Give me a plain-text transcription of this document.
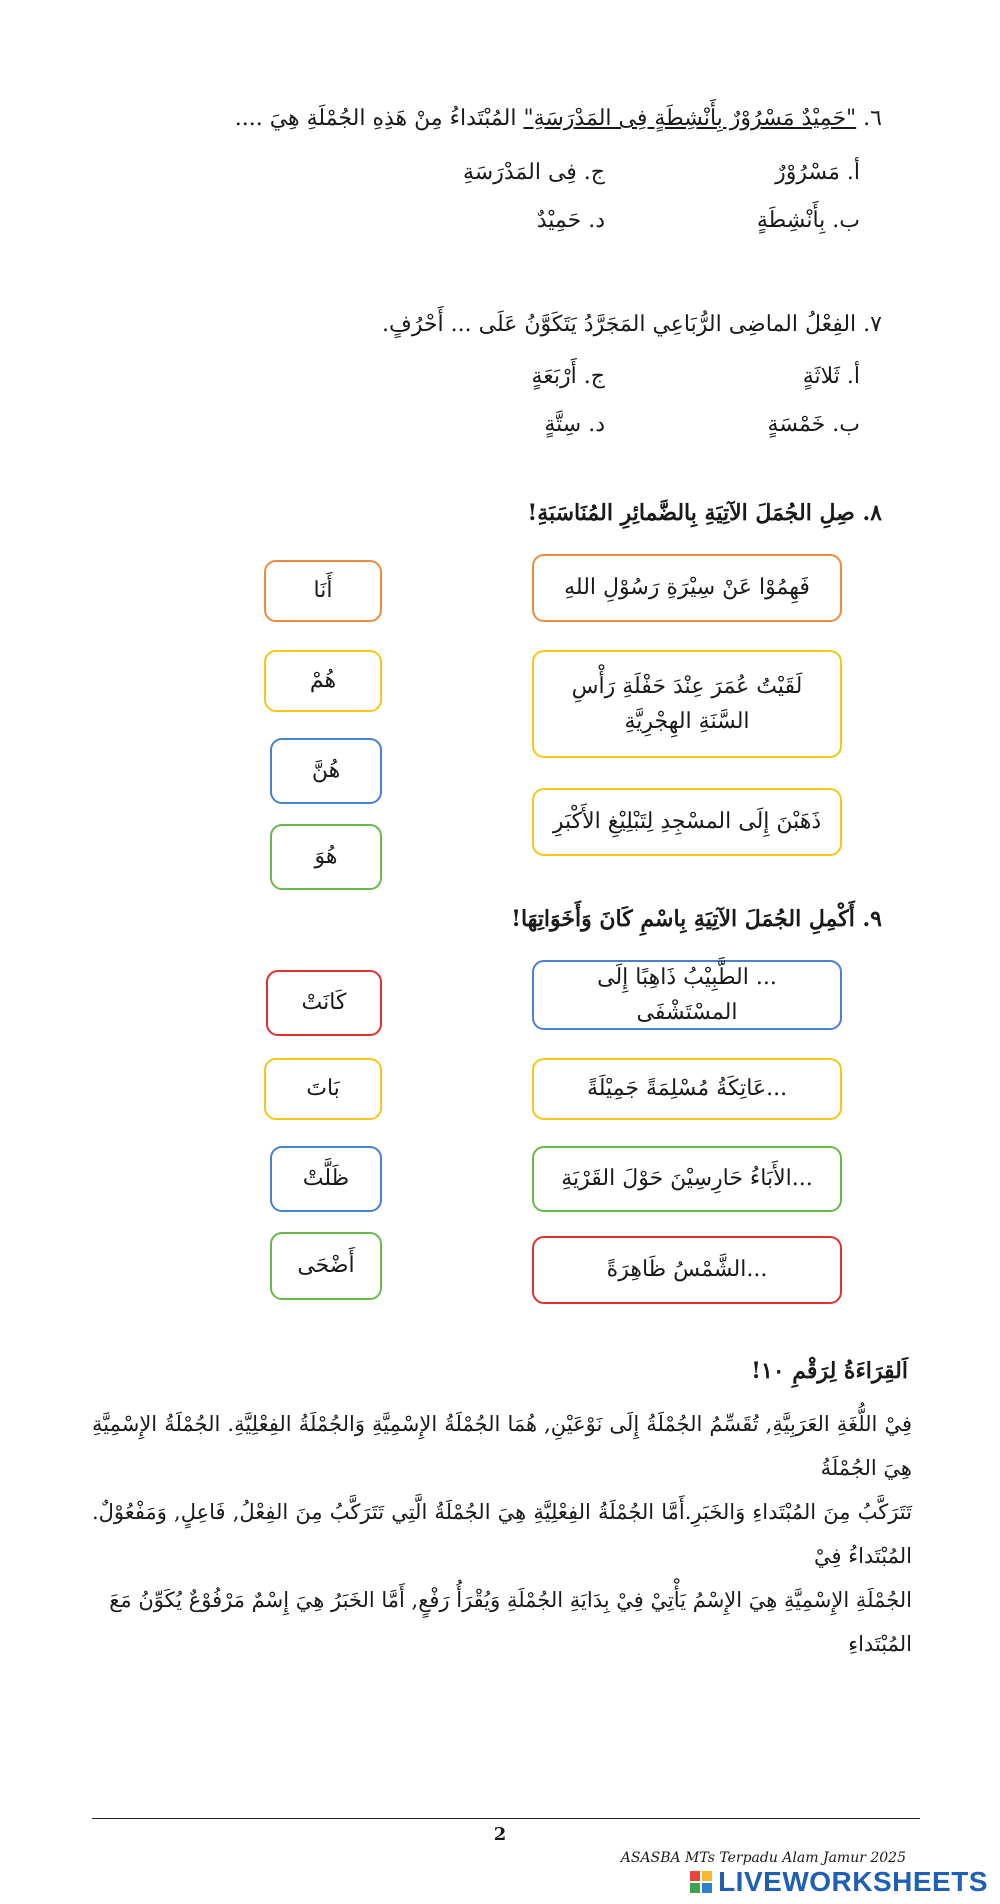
٦. "حَمِيْدٌ مَسْرُوْرٌ بِأَنْشِطَةٍ فِى المَدْرَسَةِ" المُبْتَداءُ مِنْ هَذِهِ الجُمْلَةِ هِيَ ....
أ. مَسْرُوْرٌ
ب. بِأَنْشِطَةٍ
ج. فِى المَدْرَسَةِ
د. حَمِيْدٌ
٧. الفِعْلُ الماضِى الرُّبَاعِي المَجَرَّدُ يَتَكَوَّنُ عَلَى ... أَحْرُفٍ.
أ. ثَلاثَةٍ
ب. خَمْسَةٍ
ج. أَرْبَعَةٍ
د. سِتَّةٍ
٨. صِلِ الجُمَلَ الآتِيَةِ بِالضَّمائِرِ المُنَاسَبَةِ!
فَهِمُوْا عَنْ سِيْرَةِ رَسُوْلِ اللهِ
لَقَيْتُ عُمَرَ عِنْدَ حَفْلَةِ رَأْسِ السَّنَةِ الهِجْرِيَّةِ
ذَهَبْنَ إِلَى المسْجِدِ لِتَبْلِيْغِ الأَكْبَرِ
أَنَا
هُمْ
هُنَّ
هُوَ
٩. أَكْمِلِ الجُمَلَ الآتِيَةِ بِاسْمِ كَانَ وَأَخَوَاتِهَا!
... الطَّبِيْبُ ذَاهِبًا إِلَى المسْتَشْفَى
...عَاتِكَةُ مُسْلِمَةً جَمِيْلَةً
...الأَبَاءُ حَارِسِيْنَ حَوْلَ القَرْيَةِ
...الشَّمْسُ ظَاهِرَةً
كَانَتْ
بَاتَ
ظَلَّتْ
أَضْحَى
اَلقِرَاءَةُ لِرَقْمِ ١٠!
فِيْ اللُّغَةِ العَرَبِيَّةِ, تُقَسِّمُ الجُمْلَةُ إِلَى نَوْعَيْنِ, هُمَا الجُمْلَةُ الإِسْمِيَّةِ وَالجُمْلَةُ الفِعْلِيَّةِ. الجُمْلَةُ الإِسْمِيَّةِ هِيَ الجُمْلَةُ
تَتَرَكَّبُ مِنَ المُبْتَداءِ وَالخَبَرِ.أَمَّا الجُمْلَةُ الفِعْلِيَّةِ هِيَ الجُمْلَةُ الَّتِي تَتَرَكَّبُ مِنَ الفِعْلُ, فَاعِلٍ, وَمَفْعُوْلٌ. المُبْتَداءُ فِيْ
الجُمْلَةِ الإِسْمِيَّةِ هِيَ الإِسْمُ يَأْتِيْ فِيْ بِدَايَةِ الجُمْلَةِ وَيُقْرَأُ رَفْعٍ, أَمَّا الخَبَرُ هِيَ إِسْمٌ مَرْفُوْعٌ يُكَوِّنُ مَعَ المُبْتَداءِ
2
ASASBA MTs Terpadu Alam Jamur 2025
LIVEWORKSHEETS
